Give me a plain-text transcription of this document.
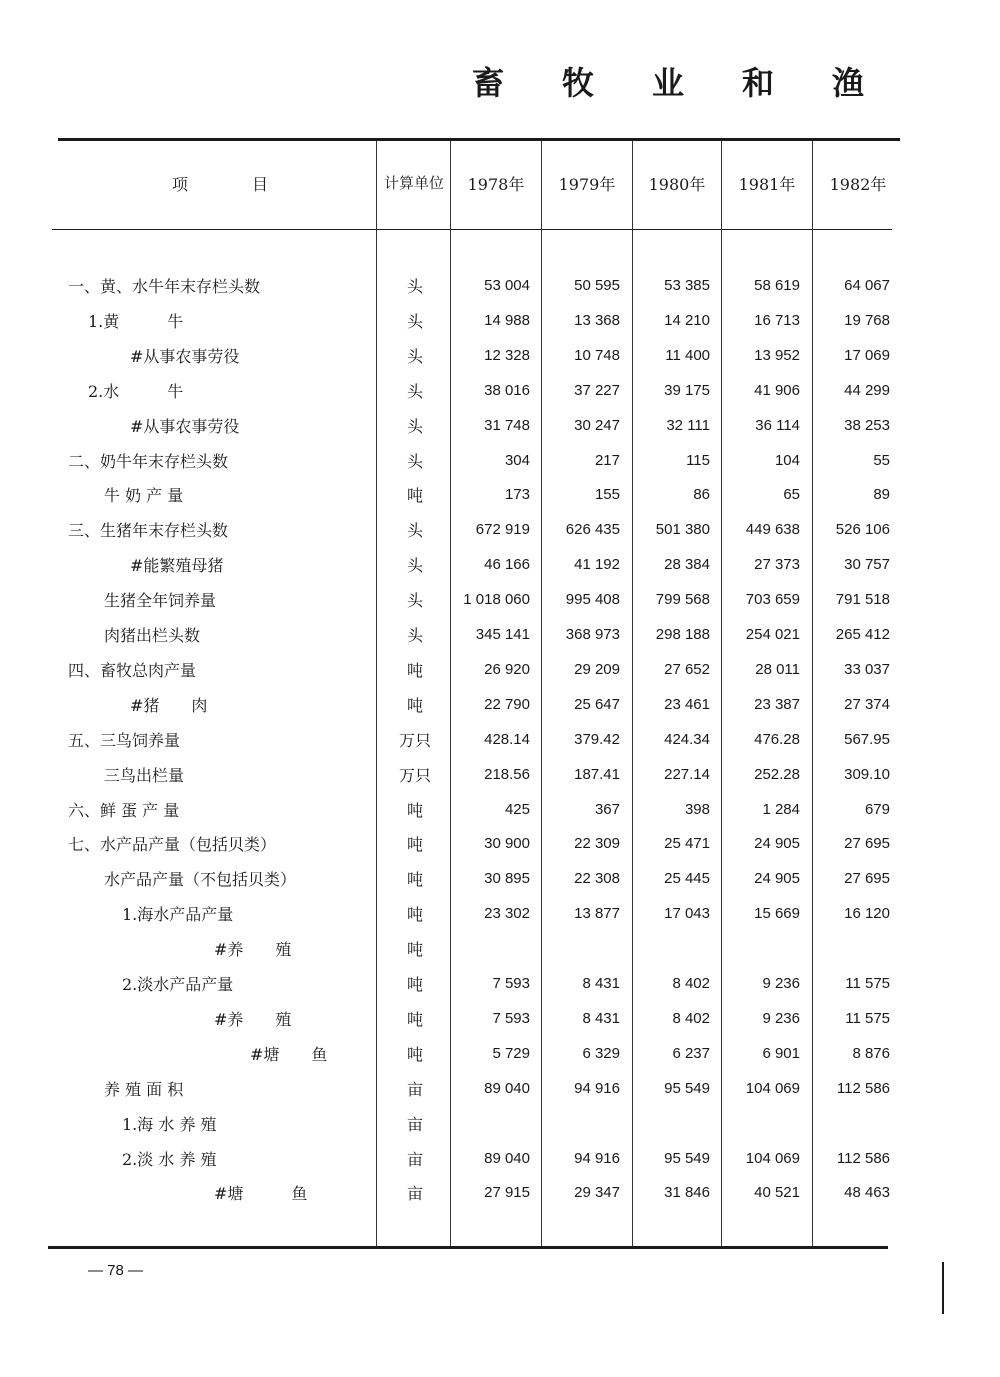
畜 牧 业 和 渔
项　　　　目	计算单位	1978年	1979年	1980年	1981年	1982年
一、黄、水牛年末存栏头数	头	53 004	50 595	53 385	58 619	64 067
1.黄　　　牛	头	14 988	13 368	14 210	16 713	19 768
#从事农事劳役	头	12 328	10 748	11 400	13 952	17 069
2.水　　　牛	头	38 016	37 227	39 175	41 906	44 299
#从事农事劳役	头	31 748	30 247	32 111	36 114	38 253
二、奶牛年末存栏头数	头	304	217	115	104	55
牛 奶 产 量	吨	173	155	86	65	89
三、生猪年末存栏头数	头	672 919	626 435	501 380	449 638	526 106
#能繁殖母猪	头	46 166	41 192	28 384	27 373	30 757
生猪全年饲养量	头	1 018 060	995 408	799 568	703 659	791 518
肉猪出栏头数	头	345 141	368 973	298 188	254 021	265 412
四、畜牧总肉产量	吨	26 920	29 209	27 652	28 011	33 037
#猪　　肉	吨	22 790	25 647	23 461	23 387	27 374
五、三鸟饲养量	万只	428.14	379.42	424.34	476.28	567.95
三鸟出栏量	万只	218.56	187.41	227.14	252.28	309.10
六、鲜 蛋 产 量	吨	425	367	398	1 284	679
七、水产品产量（包括贝类）	吨	30 900	22 309	25 471	24 905	27 695
水产品产量（不包括贝类）	吨	30 895	22 308	25 445	24 905	27 695
1.海水产品产量	吨	23 302	13 877	17 043	15 669	16 120
#养　　殖	吨
2.淡水产品产量	吨	7 593	8 431	8 402	9 236	11 575
#养　　殖	吨	7 593	8 431	8 402	9 236	11 575
#塘　　鱼	吨	5 729	6 329	6 237	6 901	8 876
养 殖 面 积	亩	89 040	94 916	95 549	104 069	112 586
1.海 水 养 殖	亩
2.淡 水 养 殖	亩	89 040	94 916	95 549	104 069	112 586
#塘　　　鱼	亩	27 915	29 347	31 846	40 521	48 463
— 78 —
